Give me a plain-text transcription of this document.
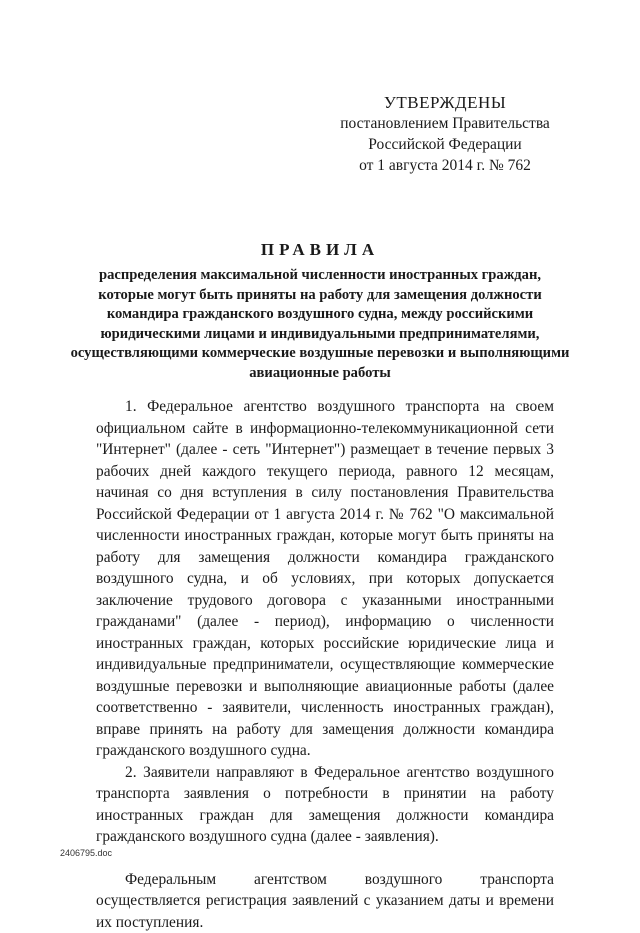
УТВЕРЖДЕНЫ
постановлением Правительства
Российской Федерации
от 1 августа 2014 г. № 762
ПРАВИЛА
распределения максимальной численности иностранных граждан, которые могут быть приняты на работу для замещения должности командира гражданского воздушного судна, между российскими юридическими лицами и индивидуальными предпринимателями, осуществляющими коммерческие воздушные перевозки и выполняющими авиационные работы

1. Федеральное агентство воздушного транспорта на своем официальном сайте в информационно-телекоммуникационной сети "Интернет" (далее - сеть "Интернет") размещает в течение первых 3 рабочих дней каждого текущего периода, равного 12 месяцам, начиная со дня вступления в силу постановления Правительства Российской Федерации от 1 августа 2014 г. № 762 "О максимальной численности иностранных граждан, которые могут быть приняты на работу для замещения должности командира гражданского воздушного судна, и об условиях, при которых допускается заключение трудового договора с указанными иностранными гражданами" (далее - период), информацию о численности иностранных граждан, которых российские юридические лица и индивидуальные предприниматели, осуществляющие коммерческие воздушные перевозки и выполняющие авиационные работы (далее соответственно - заявители, численность иностранных граждан), вправе принять на работу для замещения должности командира гражданского воздушного судна.

2. Заявители направляют в Федеральное агентство воздушного транспорта заявления о потребности в принятии на работу иностранных граждан для замещения должности командира гражданского воздушного судна (далее - заявления).

Федеральным агентством воздушного транспорта осуществляется регистрация заявлений с указанием даты и времени их поступления.

2406795.doc
